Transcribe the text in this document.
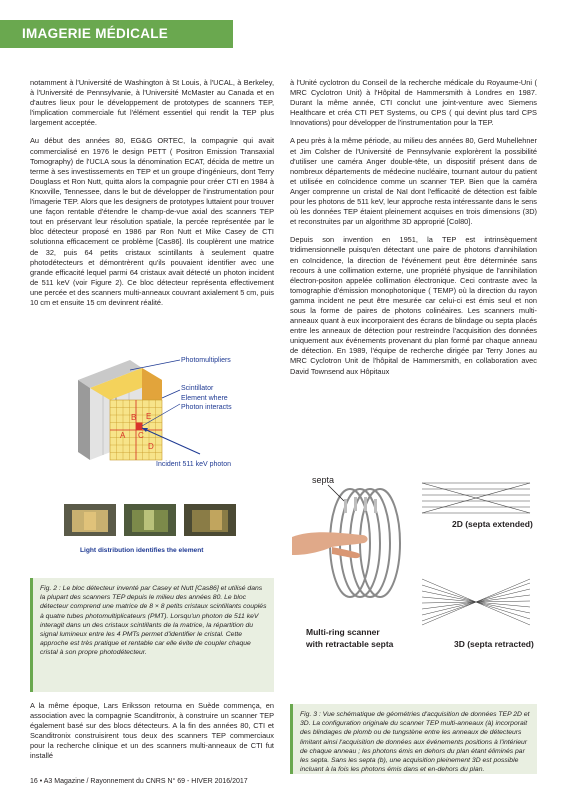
IMAGERIE MÉDICALE

notamment à l'Université de Washington à St Louis, à l'UCAL, à Berkeley, à l'Université de Pennsylvanie, à l'Université McMaster au Canada et en d'autres lieux pour le développement de prototypes de scanners TEP, l'implication commerciale fut l'élément essentiel qui rendit la TEP plus largement acceptée.

Au début des années 80, EG&G ORTEC, la compagnie qui avait commercialisé en 1976 le design PETT ( Positron Emission Transaxial Tomography) de l'UCLA sous la dénomination ECAT, décida de mettre un terme à ses investissements en TEP et un groupe d'ingénieurs, dont Terry Douglass et Ron Nutt, quitta alors la compagnie pour créer CTI en 1984 à Knoxville, Tennessee, dans le but de développer de l'instrumentation pour l'imagerie TEP. Alors que les designers de prototypes luttaient pour trouver une façon rentable d'étendre le champ-de-vue axial des scanners TEP tout en préservant leur résolution spatiale, la percée représentée par le bloc détecteur proposé en 1986 par Ron Nutt et Mike Casey de CTI solutionna efficacement ce problème [Cas86]. Ils couplèrent une matrice de 32, puis 64 petits cristaux scintillants à seulement quatre photodétecteurs et démontrèrent qu'ils pouvaient identifier avec une grande efficacité lequel parmi 64 cristaux avait détecté un photon incident de 511 keV (voir Figure 2). Ce bloc détecteur représenta effectivement une percée et des scanners multi-anneaux couvrant axialement 5 cm, puis 10 cm et ensuite 15 cm devinrent réalité.

B
A C
E
D
Photomultipliers
Scintillator
Element where
Photon interacts
Incident 511 keV photon
Light distribution identifies the element
Fig. 2 : Le bloc détecteur inventé par Casey et Nutt [Cas86] et utilisé dans la plupart des scanners TEP depuis le milieu des années 80. Le bloc détecteur comprend une matrice de 8 × 8 petits cristaux scintillants couplés à quatre tubes photomultiplicateurs (PMT). Lorsqu'un photon de 511 keV interagit dans un des cristaux scintillants de la matrice, la répartition du signal lumineux entre les 4 PMTs permet d'identifier le cristal. Cette approche est très pratique et rentable car elle évite de coupler chaque cristal à son propre photodétecteur.
A la même époque, Lars Eriksson retourna en Suède commença, en association avec la compagnie Scanditronix, à construire un scanner TEP également basé sur des blocs détecteurs. A la fin des années 80, CTI et Scanditronix construisirent tous deux des scanners TEP commerciaux pour la recherche clinique et un des scanners multi-anneaux de CTI fut installé

à l'Unité cyclotron du Conseil de la recherche médicale du Royaume-Uni ( MRC Cyclotron Unit) à l'Hôpital de Hammersmith à Londres en 1987. Durant la même année, CTI conclut une joint-venture avec Siemens Healthcare et créa CTI PET Systems, ou CPS ( qui devint plus tard CPS Innovations) pour développer de l'instrumentation pour la TEP.

A peu près à la même période, au milieu des années 80, Gerd Muhellehner et Jim Colsher de l'Université de Pennsylvanie explorèrent la possibilité d'utiliser une caméra Anger double-tête, un dispositif présent dans de nombreux départements de médecine nucléaire, tournant autour du patient et utilisée en coïncidence comme un scanner TEP. Bien que la caméra Anger comprenne un cristal de NaI dont l'efficacité de détection est faible pour les photons de 511 keV, leur approche resta intéressante dans le sens où les données TEP étaient pleinement acquises en trois dimensions (3D) et reconstruites par un algorithme 3D approprié [Col80].

Depuis son invention en 1951, la TEP est intrinsèquement tridimensionnelle puisqu'en détectant une paire de photons d'annihilation en coïncidence, la direction de l'événement peut être déterminée sans recours à une collimation externe, une propriété physique de l'annihilation électron-positon appelée collimation électronique. Ceci contraste avec la tomographie d'émission monophotonique ( TEMP) où la direction du rayon gamma incident ne peut être mesurée car celui-ci est émis seul et non sous la forme de paires de photons colinéaires. Les scanners multi-anneaux quant à eux incorporaient des écrans de blindage ou septa placés entre les anneaux de détection pour restreindre l'acquisition des données uniquement aux événements provenant du plan formé par chaque anneau de détection. En 1989, l'équipe de recherche dirigée par Terry Jones au MRC Cyclotron Unit de l'hôpital de Hammersmith, en collaboration avec David Townsend aux Hôpitaux

septa
2D (septa extended)
3D (septa retracted)
Multi-ring scanner
with retractable septa
Fig. 3 : Vue schématique de géométries d'acquisition de données TEP 2D et 3D. La configuration originale du scanner TEP multi-anneaux (à) incorporait des blindages de plomb ou de tungstène entre les anneaux de détecteurs limitant ainsi l'acquisition de données aux événements positions à l'intérieur de chaque anneau ; les photons émis en dehors du plan étant éliminés par les septa. Sans les septa (b), une acquisition pleinement 3D est possible incluant à la fois les photons émis dans et en-dehors du plan.
16 • A3 Magazine / Rayonnement du CNRS N° 69 - HIVER 2016/2017
